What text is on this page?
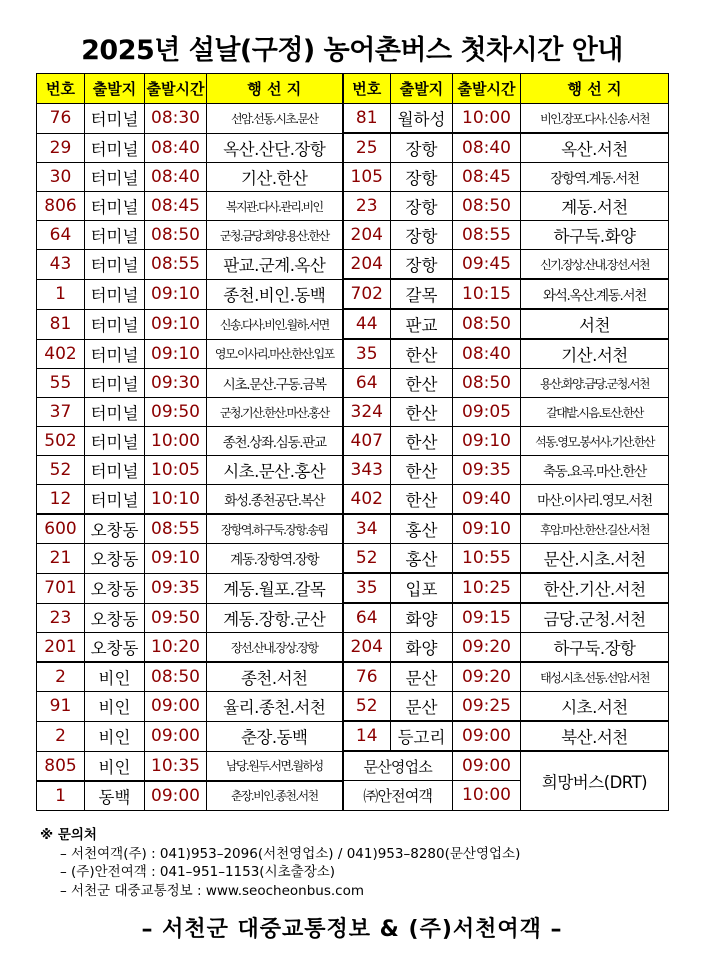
2025년 설날(구정) 농어촌버스 첫차시간 안내
번호	출발지	출발시간	행 선 지	번호	출발지	출발시간	행 선 지
76	터미널	08:30	선암.선동.시초.문산	81	월하성	10:00	비인.장포.다사.신송.서천
29	터미널	08:40	옥산.산단.장항	25	장항	08:40	옥산.서천
30	터미널	08:40	기산.한산	105	장항	08:45	장항역.계동.서천
806	터미널	08:45	복지관.다사.관리.비인	23	장항	08:50	계동.서천
64	터미널	08:50	군청.금당.화양.용산.한산	204	장항	08:55	하구둑.화양
43	터미널	08:55	판교.군계.옥산	204	장항	09:45	신기.장상.산내.장선.서천
1	터미널	09:10	종천.비인.동백	702	갈목	10:15	와석.옥산.계동.서천
81	터미널	09:10	신송.다사.비인.월하.서면	44	판교	08:50	서천
402	터미널	09:10	영모.이사리.마산.한산.입포	35	한산	08:40	기산.서천
55	터미널	09:30	시초.문산.구동.금복	64	한산	08:50	용산.화양.금당.군청.서천
37	터미널	09:50	군청.기산.한산.마산.홍산	324	한산	09:05	갈대밭.시음.토산.한산
502	터미널	10:00	종천.상좌.심동.판교	407	한산	09:10	석동.영모.봉서사.기산.한산
52	터미널	10:05	시초.문산.홍산	343	한산	09:35	축동.요곡.마산.한산
12	터미널	10:10	화성.종천공단.복산	402	한산	09:40	마산.이사리.영모.서천
600	오창동	08:55	장항역.하구둑.장항.송림	34	홍산	09:10	후암.마산.한산.길산.서천
21	오창동	09:10	계동.장항역.장항	52	홍산	10:55	문산.시초.서천
701	오창동	09:35	계동.월포.갈목	35	입포	10:25	한산.기산.서천
23	오창동	09:50	계동.장항.군산	64	화양	09:15	금당.군청.서천
201	오창동	10:20	장선.산내.장상.장항	204	화양	09:20	하구둑.장항
2	비인	08:50	종천.서천	76	문산	09:20	태성.시초.선동.선암.서천
91	비인	09:00	율리.종천.서천	52	문산	09:25	시초.서천
2	비인	09:00	춘장.동백	14	등고리	09:00	북산.서천
805	비인	10:35	남당.원두.서면.월하성	문산영업소		09:00	희망버스(DRT)
1	동백	09:00	춘장.비인.종천.서천	㈜안전여객		10:00	
※ 문의처
– 서천여객(주) : 041)953–2096(서천영업소) / 041)953–8280(문산영업소)
– (주)안전여객 : 041–951–1153(시초출장소)
– 서천군 대중교통정보 : www.seocheonbus.com
– 서천군 대중교통정보 & (주)서천여객 –
